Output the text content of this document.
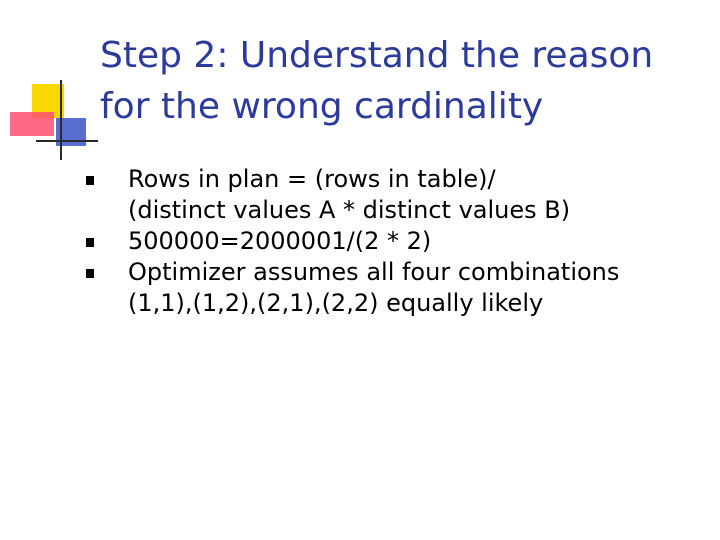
Step 2: Understand the reason
for the wrong cardinality
Rows in plan = (rows in table)/
(distinct values A * distinct values B)
500000=2000001/(2 * 2)
Optimizer assumes all four combinations
(1,1),(1,2),(2,1),(2,2) equally likely
